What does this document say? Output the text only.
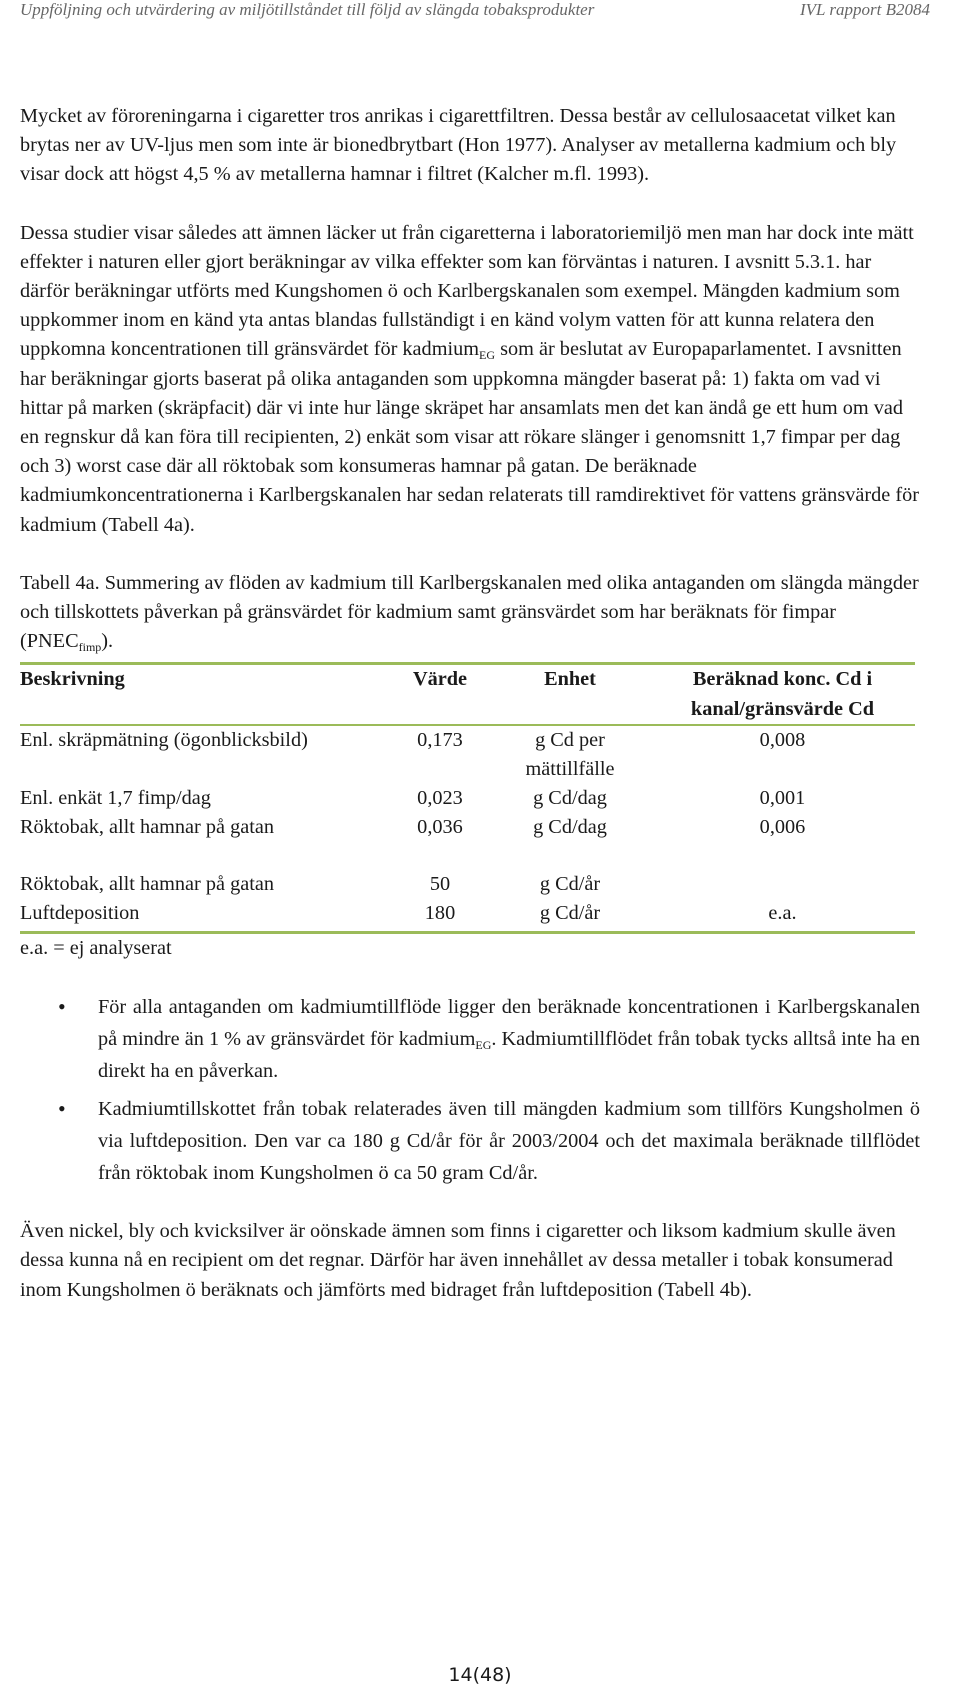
Uppföljning och utvärdering av miljötillståndet till följd av slängda tobaksprodukter	IVL rapport B2084

Mycket av föroreningarna i cigaretter tros anrikas i cigarettfiltren. Dessa består av cellulosaacetat vilket kan brytas ner av UV-ljus men som inte är bionedbrytbart (Hon 1977). Analyser av metallerna kadmium och bly visar dock att högst 4,5 % av metallerna hamnar i filtret (Kalcher m.fl. 1993).

Dessa studier visar således att ämnen läcker ut från cigaretterna i laboratoriemiljö men man har dock inte mätt effekter i naturen eller gjort beräkningar av vilka effekter som kan förväntas i naturen. I avsnitt 5.3.1. har därför beräkningar utförts med Kungshomen ö och Karlbergskanalen som exempel. Mängden kadmium som uppkommer inom en känd yta antas blandas fullständigt i en känd volym vatten för att kunna relatera den uppkomna koncentrationen till gränsvärdet för kadmium$_{EG}$ som är beslutat av Europaparlamentet. I avsnitten har beräkningar gjorts baserat på olika antaganden som uppkomna mängder baserat på: 1) fakta om vad vi hittar på marken (skräpfacit) där vi inte hur länge skräpet har ansamlats men det kan ändå ge ett hum om vad en regnskur då kan föra till recipienten, 2) enkät som visar att rökare slänger i genomsnitt 1,7 fimpar per dag och 3) worst case där all röktobak som konsumeras hamnar på gatan. De beräknade kadmiumkoncentrationerna i Karlbergskanalen har sedan relaterats till ramdirektivet för vattens gränsvärde för kadmium (Tabell 4a).

Tabell 4a. Summering av flöden av kadmium till Karlbergskanalen med olika antaganden om slängda mängder och tillskottets påverkan på gränsvärdet för kadmium samt gränsvärdet som har beräknats för fimpar $(PNEC_{fimp})$.

Beskrivning	Värde	Enhet	Beräknad konc. Cd i kanal/gränsvärde Cd
Enl. skräpmätning (ögonblicksbild)	0,173	g Cd per mättillfälle	0,008
Enl. enkät 1,7 fimp/dag	0,023	g Cd/dag	0,001
Röktobak, allt hamnar på gatan	0,036	g Cd/dag	0,006

Röktobak, allt hamnar på gatan	50	g Cd/år	
Luftdeposition	180	g Cd/år	e.a.

e.a. = ej analyserat

• För alla antaganden om kadmiumtillflöde ligger den beräknade koncentrationen i Karlbergskanalen på mindre än 1 % av gränsvärdet för kadmium$_{EG}$. Kadmiumtillflödet från tobak tycks alltså inte ha en direkt ha en påverkan.
• Kadmiumtillskottet från tobak relaterades även till mängden kadmium som tillförs Kungsholmen ö via luftdeposition. Den var ca 180 g Cd/år för år 2003/2004 och det maximala beräknade tillflödet från röktobak inom Kungsholmen ö ca 50 gram Cd/år.

Även nickel, bly och kvicksilver är oönskade ämnen som finns i cigaretter och liksom kadmium skulle även dessa kunna nå en recipient om det regnar. Därför har även innehållet av dessa metaller i tobak konsumerad inom Kungsholmen ö beräknats och jämförts med bidraget från luftdeposition (Tabell 4b).

14(48)
